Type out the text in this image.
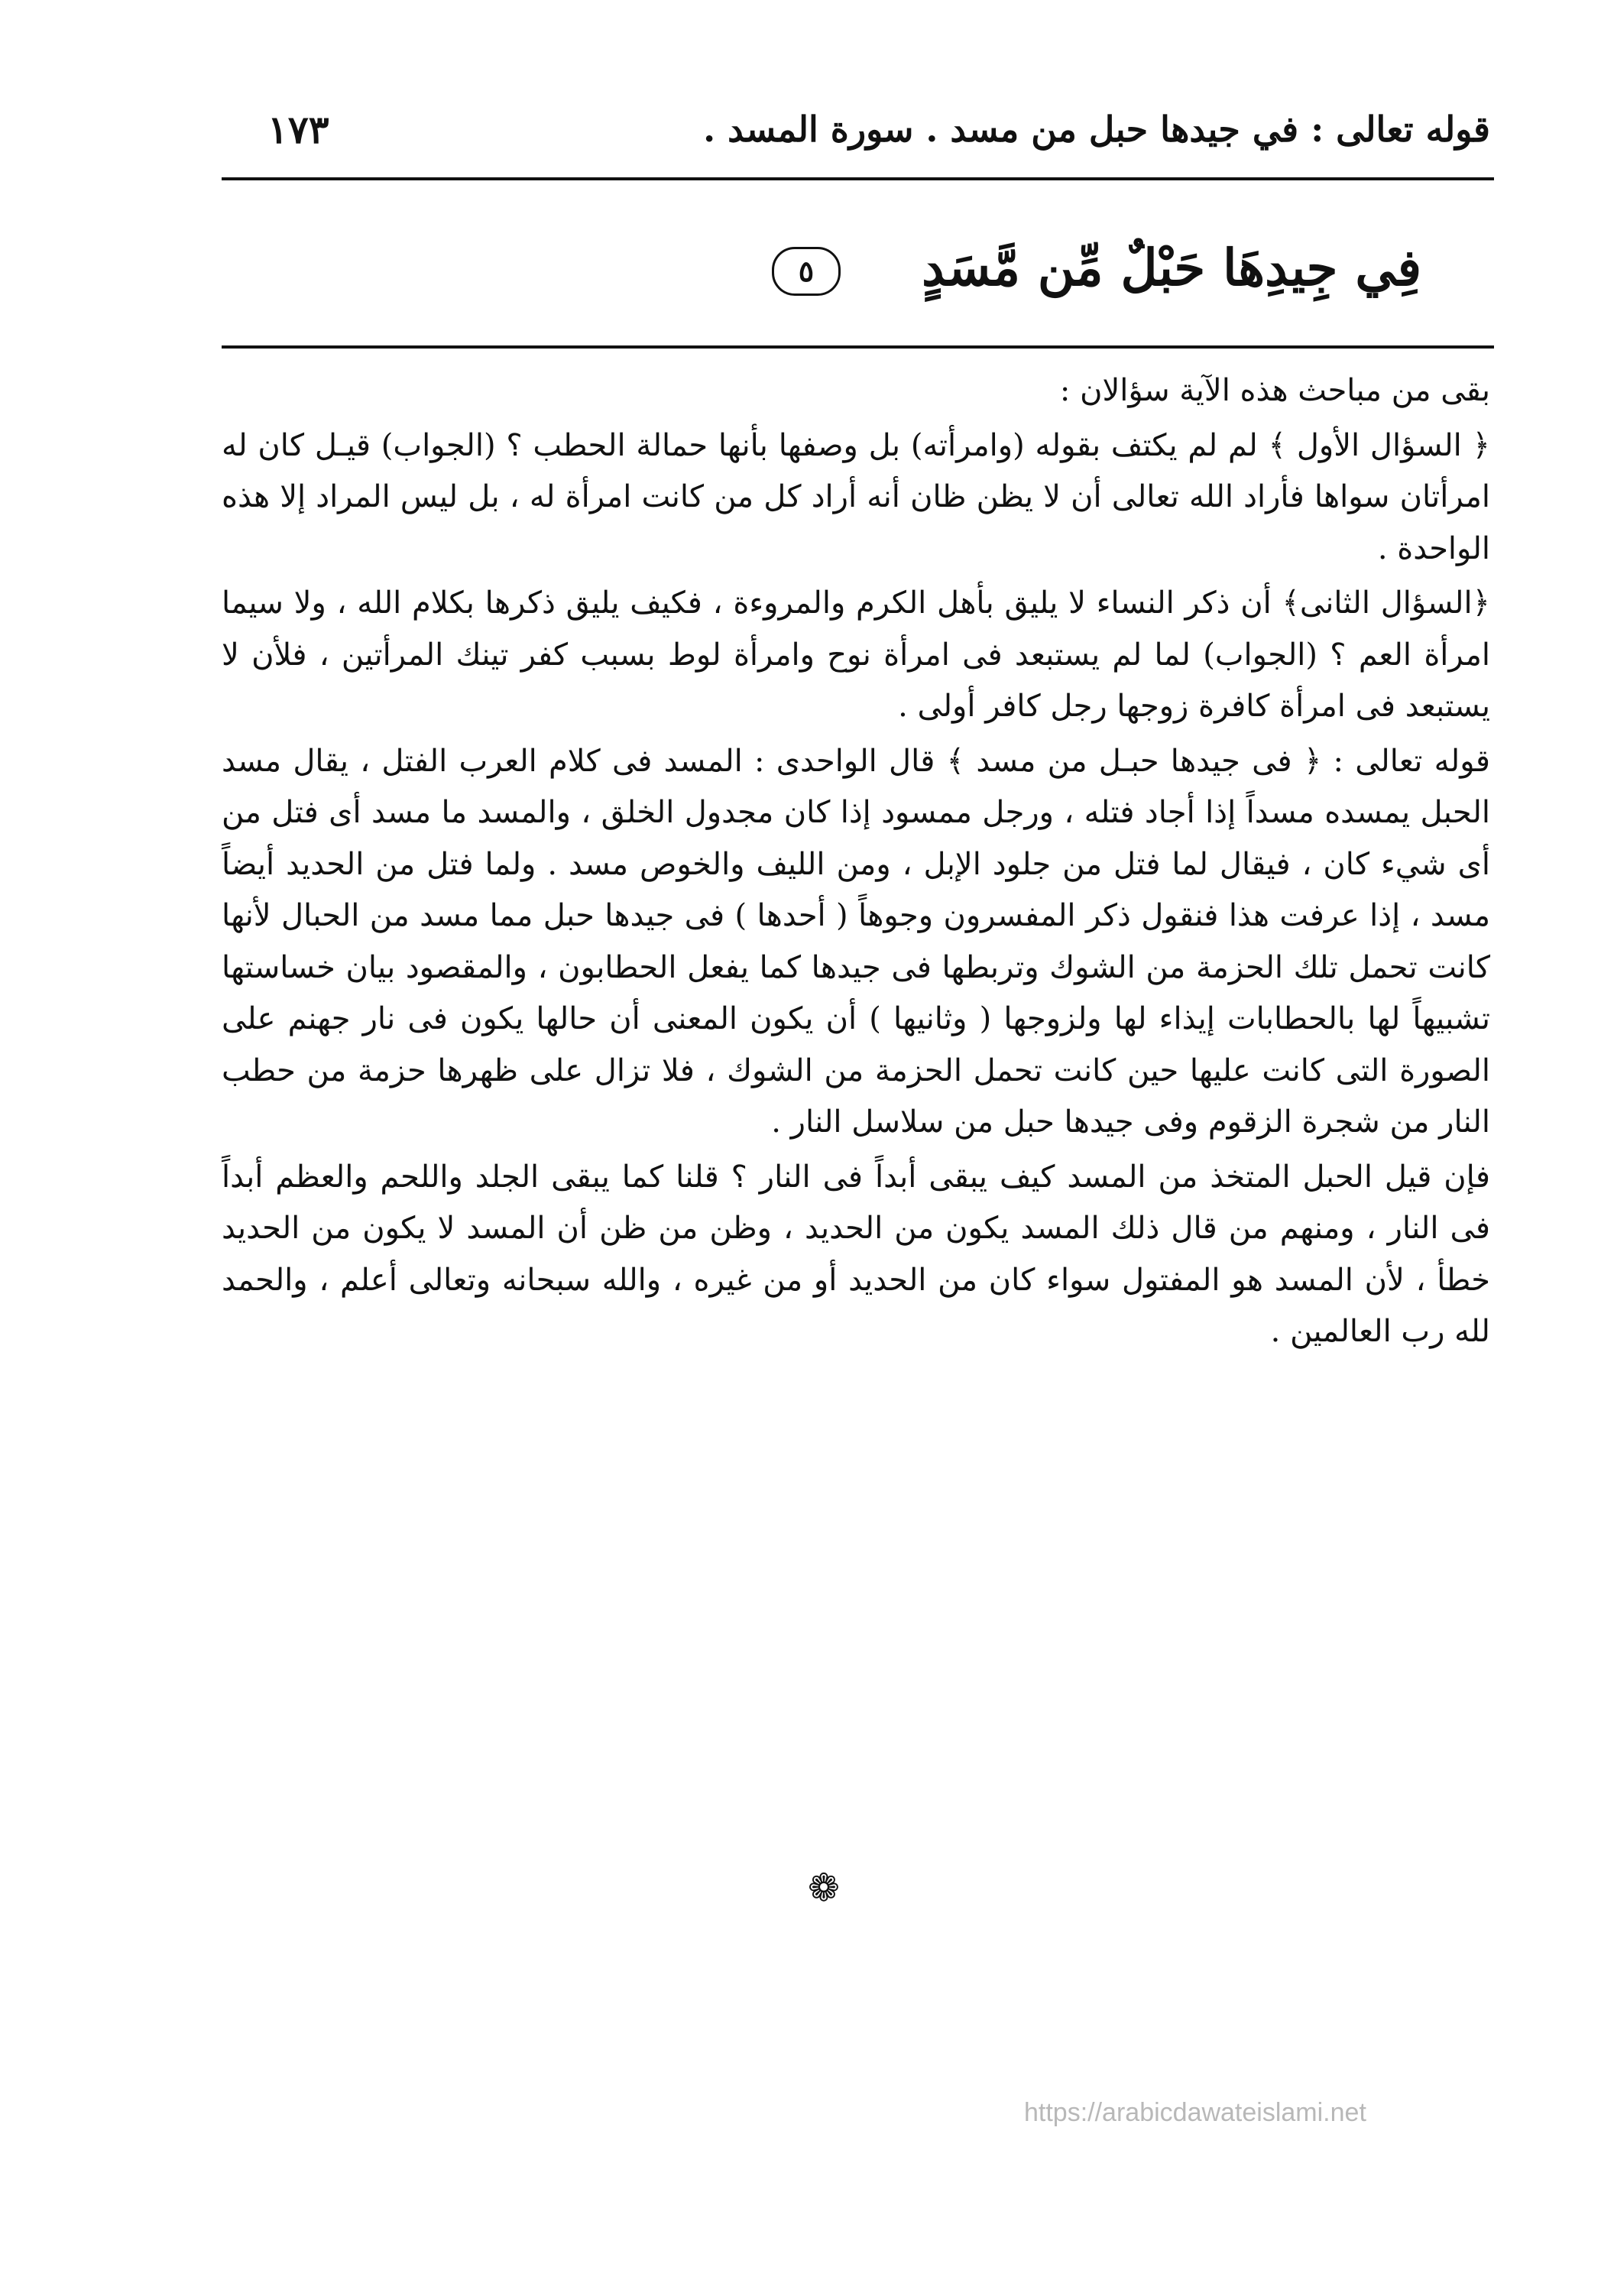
١٧٣	قوله تعالى : في جيدها حبل من مسد . سورة المسد .
فِي جِيدِهَا حَبْلٌ مِّن مَّسَدٍ
٥

بقى من مباحث هذه الآية سؤالان :

﴿ السؤال الأول ﴾ لم لم يكتف بقوله (وامرأته) بل وصفها بأنها حمالة الحطب ؟ (الجواب) قيـل كان له امرأتان سواها فأراد الله تعالى أن لا يظن ظان أنه أراد كل من كانت امرأة له ، بل ليس المراد إلا هذه الواحدة .

﴿السؤال الثانى﴾ أن ذكر النساء لا يليق بأهل الكرم والمروءة ، فكيف يليق ذكرها بكلام الله ، ولا سيما امرأة العم ؟ (الجواب) لما لم يستبعد فى امرأة نوح وامرأة لوط بسبب كفر تينك المرأتين ، فلأن لا يستبعد فى امرأة كافرة زوجها رجل كافر أولى .

قوله تعالى : ﴿ فى جيدها حبـل من مسد ﴾ قال الواحدى : المسد فى كلام العرب الفتل ، يقال مسد الحبل يمسده مسداً إذا أجاد فتله ، ورجل ممسود إذا كان مجدول الخلق ، والمسد ما مسد أى فتل من أى شيء كان ، فيقال لما فتل من جلود الإبل ، ومن الليف والخوص مسد . ولما فتل من الحديد أيضاً مسد ، إذا عرفت هذا فنقول ذكر المفسرون وجوهاً ( أحدها ) فى جيدها حبل مما مسد من الحبال لأنها كانت تحمل تلك الحزمة من الشوك وتربطها فى جيدها كما يفعل الحطابون ، والمقصود بيان خساستها تشبيهاً لها بالحطابات إيذاء لها ولزوجها ( وثانيها ) أن يكون المعنى أن حالها يكون فى نار جهنم على الصورة التى كانت عليها حين كانت تحمل الحزمة من الشوك ، فلا تزال على ظهرها حزمة من حطب النار من شجرة الزقوم وفى جيدها حبل من سلاسل النار .

فإن قيل الحبل المتخذ من المسد كيف يبقى أبداً فى النار ؟ قلنا كما يبقى الجلد واللحم والعظم أبداً فى النار ، ومنهم من قال ذلك المسد يكون من الحديد ، وظن من ظن أن المسد لا يكون من الحديد خطأ ، لأن المسد هو المفتول سواء كان من الحديد أو من غيره ، والله سبحانه وتعالى أعلم ، والحمد لله رب العالمين .

❁
https://arabicdawateislami.net
